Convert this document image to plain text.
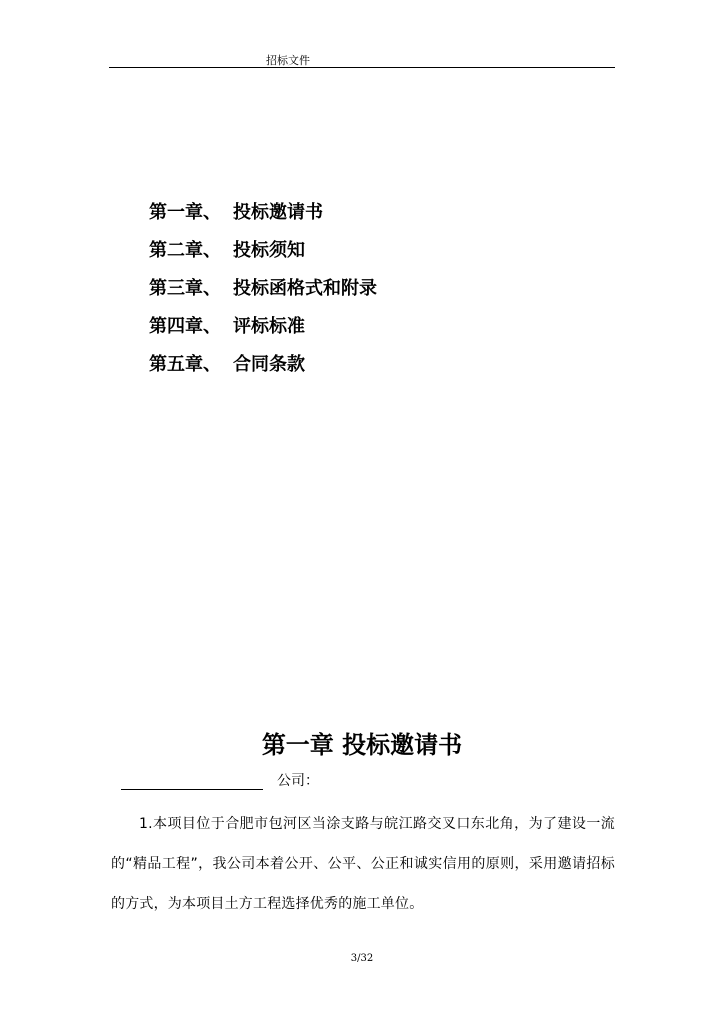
招标文件
第一章、 投标邀请书
第二章、 投标须知
第三章、 投标函格式和附录
第四章、 评标标准
第五章、 合同条款
第一章 投标邀请书
公司：

1.本项目位于合肥市包河区当涂支路与皖江路交叉口东北角，为了建设一流的“精品工程”，我公司本着公开、公平、公正和诚实信用的原则，采用邀请招标的方式，为本项目土方工程选择优秀的施工单位。

3/32
